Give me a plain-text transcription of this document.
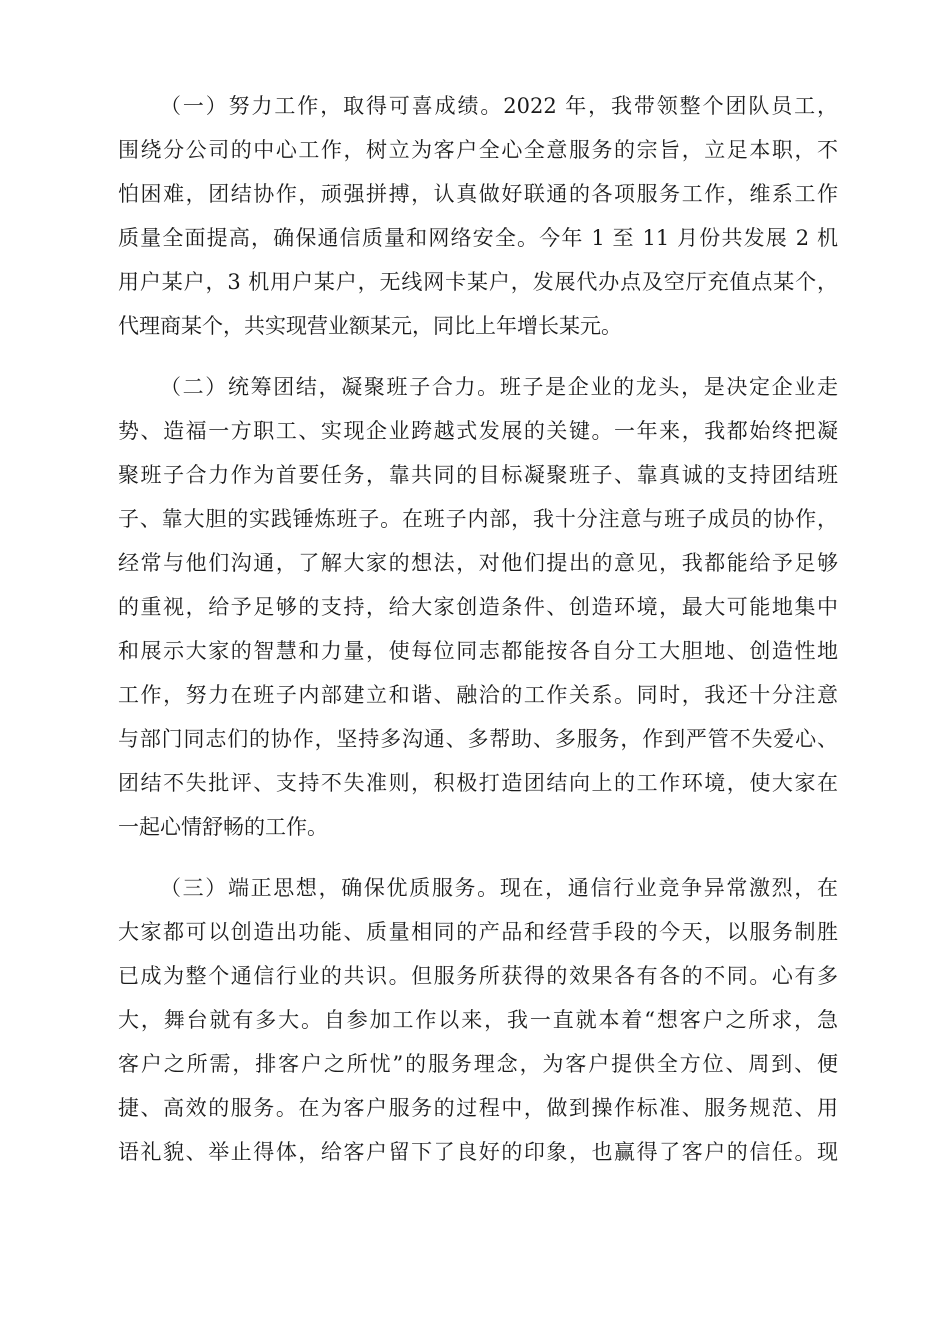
（一）努力工作，取得可喜成绩。2022 年，我带领整个团队员工，
围绕分公司的中心工作，树立为客户全心全意服务的宗旨，立足本职，不
怕困难，团结协作，顽强拼搏，认真做好联通的各项服务工作，维系工作
质量全面提高，确保通信质量和网络安全。今年 1 至 11 月份共发展 2 机
用户某户，3 机用户某户，无线网卡某户，发展代办点及空厅充值点某个，
代理商某个，共实现营业额某元，同比上年增长某元。
（二）统筹团结，凝聚班子合力。班子是企业的龙头，是决定企业走
势、造福一方职工、实现企业跨越式发展的关键。一年来，我都始终把凝
聚班子合力作为首要任务，靠共同的目标凝聚班子、靠真诚的支持团结班
子、靠大胆的实践锤炼班子。在班子内部，我十分注意与班子成员的协作，
经常与他们沟通，了解大家的想法，对他们提出的意见，我都能给予足够
的重视，给予足够的支持，给大家创造条件、创造环境，最大可能地集中
和展示大家的智慧和力量，使每位同志都能按各自分工大胆地、创造性地
工作，努力在班子内部建立和谐、融洽的工作关系。同时，我还十分注意
与部门同志们的协作，坚持多沟通、多帮助、多服务，作到严管不失爱心、
团结不失批评、支持不失准则，积极打造团结向上的工作环境，使大家在
一起心情舒畅的工作。
（三）端正思想，确保优质服务。现在，通信行业竞争异常激烈，在
大家都可以创造出功能、质量相同的产品和经营手段的今天，以服务制胜
已成为整个通信行业的共识。但服务所获得的效果各有各的不同。心有多
大，舞台就有多大。自参加工作以来，我一直就本着“想客户之所求，急
客户之所需，排客户之所忧”的服务理念，为客户提供全方位、周到、便
捷、高效的服务。在为客户服务的过程中，做到操作标准、服务规范、用
语礼貌、举止得体，给客户留下了良好的印象，也赢得了客户的信任。现
